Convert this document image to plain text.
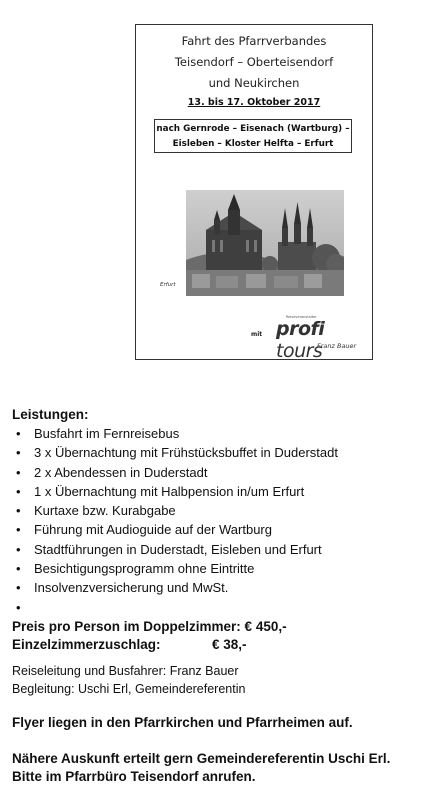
Fahrt des Pfarrverbandes
Teisendorf – Oberteisendorf
und Neukirchen
13. bis 17. Oktober 2017
nach Gernrode – Eisenach (Wartburg) –
Eisleben – Kloster Helfta – Erfurt
Erfurt
Reiseveranstalter
mit profi tours
Franz Bauer
Leistungen:
• Busfahrt im Fernreisebus
• 3 x Übernachtung mit Frühstücksbuffet in Duderstadt
• 2 x Abendessen in Duderstadt
• 1 x Übernachtung mit Halbpension in/um Erfurt
• Kurtaxe bzw. Kurabgabe
• Führung mit Audioguide auf der Wartburg
• Stadtführungen in Duderstadt, Eisleben und Erfurt
• Besichtigungsprogramm ohne Eintritte
• Insolvenzversicherung und MwSt.
•

Preis pro Person im Doppelzimmer: € 450,-
Einzelzimmerzuschlag:	€ 38,-
Reiseleitung und Busfahrer: Franz Bauer
Begleitung: Uschi Erl, Gemeindereferentin
Flyer liegen in den Pfarrkirchen und Pfarrheimen auf.
Nähere Auskunft erteilt gern Gemeindereferentin Uschi Erl.
Bitte im Pfarrbüro Teisendorf anrufen.
